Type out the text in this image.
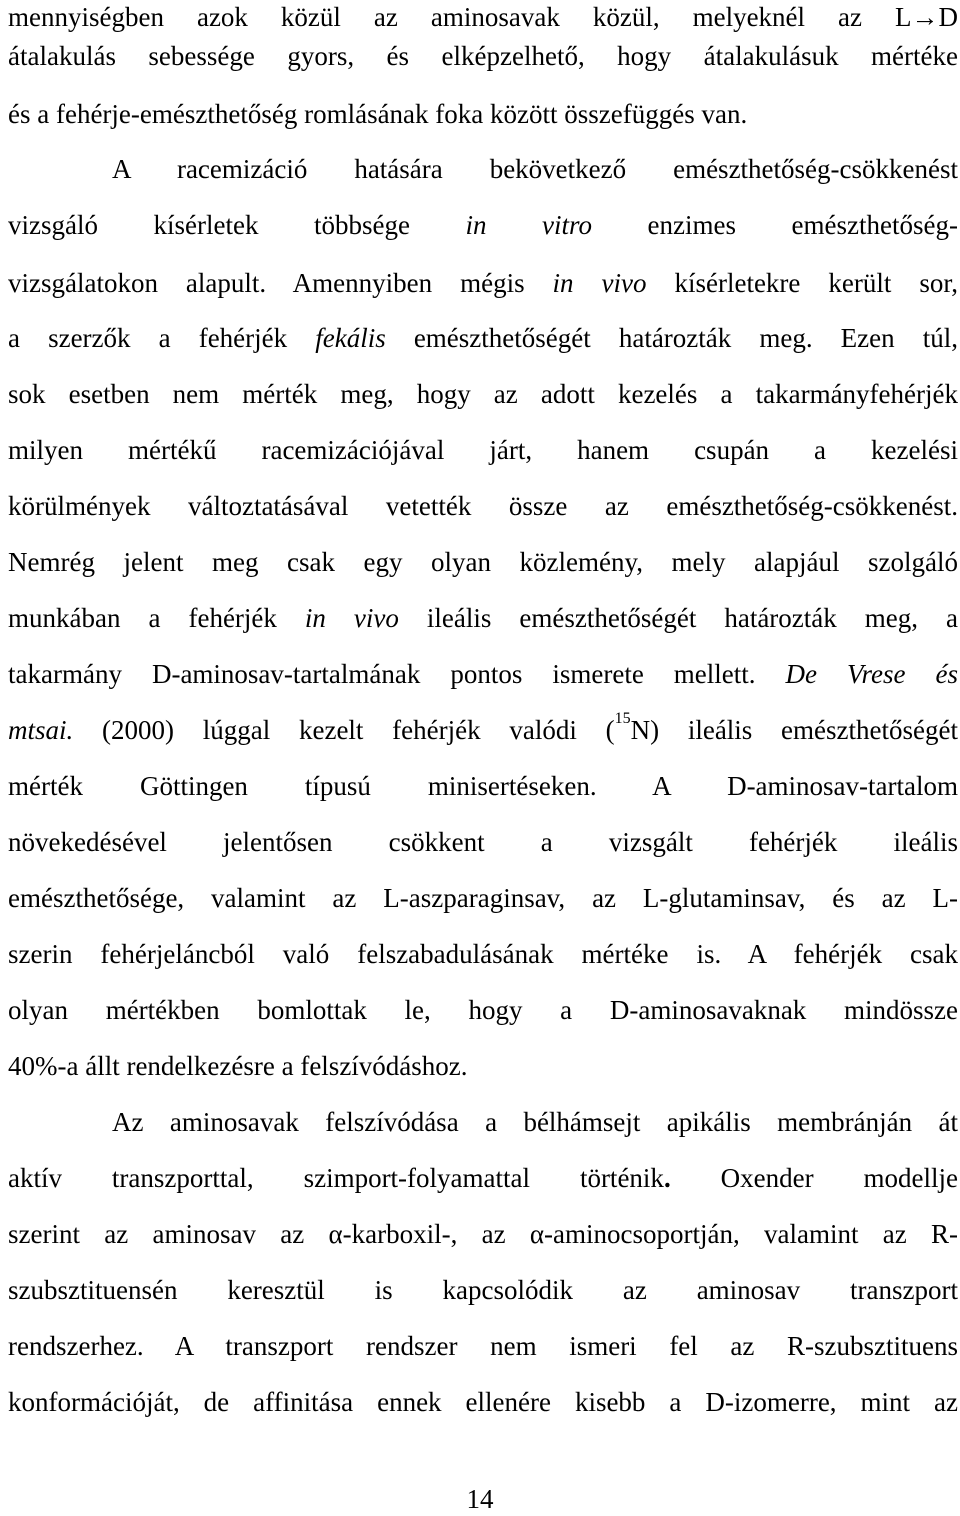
mennyiségben azok közül az aminosavak közül, melyeknél az L→D
átalakulás sebessége gyors, és elképzelhető, hogy átalakulásuk mértéke
és a fehérje-emészthetőség romlásának foka között összefüggés van.
A racemizáció hatására bekövetkező emészthetőség-csökkenést
vizsgáló kísérletek többsége in vitro enzimes emészthetőség-
vizsgálatokon alapult. Amennyiben mégis in vivo kísérletekre került sor,
a szerzők a fehérjék fekális emészthetőségét határozták meg. Ezen túl,
sok esetben nem mérték meg, hogy az adott kezelés a takarmányfehérjék
milyen mértékű racemizációjával járt, hanem csupán a kezelési
körülmények változtatásával vetették össze az emészthetőség-csökkenést.
Nemrég jelent meg csak egy olyan közlemény, mely alapjául szolgáló
munkában a fehérjék in vivo ileális emészthetőségét határozták meg, a
takarmány D-aminosav-tartalmának pontos ismerete mellett. De Vrese és
mtsai. (2000) lúggal kezelt fehérjék valódi ($^{15}$N) ileális emészthetőségét
mérték Göttingen típusú minisertéseken. A D-aminosav-tartalom
növekedésével jelentősen csökkent a vizsgált fehérjék ileális
emészthetősége, valamint az L-aszparaginsav, az L-glutaminsav, és az L-
szerin fehérjeláncból való felszabadulásának mértéke is. A fehérjék csak
olyan mértékben bomlottak le, hogy a D-aminosavaknak mindössze
40%-a állt rendelkezésre a felszívódáshoz.
Az aminosavak felszívódása a bélhámsejt apikális membránján át
aktív transzporttal, szimport-folyamattal történik. Oxender modellje
szerint az aminosav az α-karboxil-, az α-aminocsoportján, valamint az R-
szubsztituensén keresztül is kapcsolódik az aminosav transzport
rendszerhez. A transzport rendszer nem ismeri fel az R-szubsztituens
konformációját, de affinitása ennek ellenére kisebb a D-izomerre, mint az
14
